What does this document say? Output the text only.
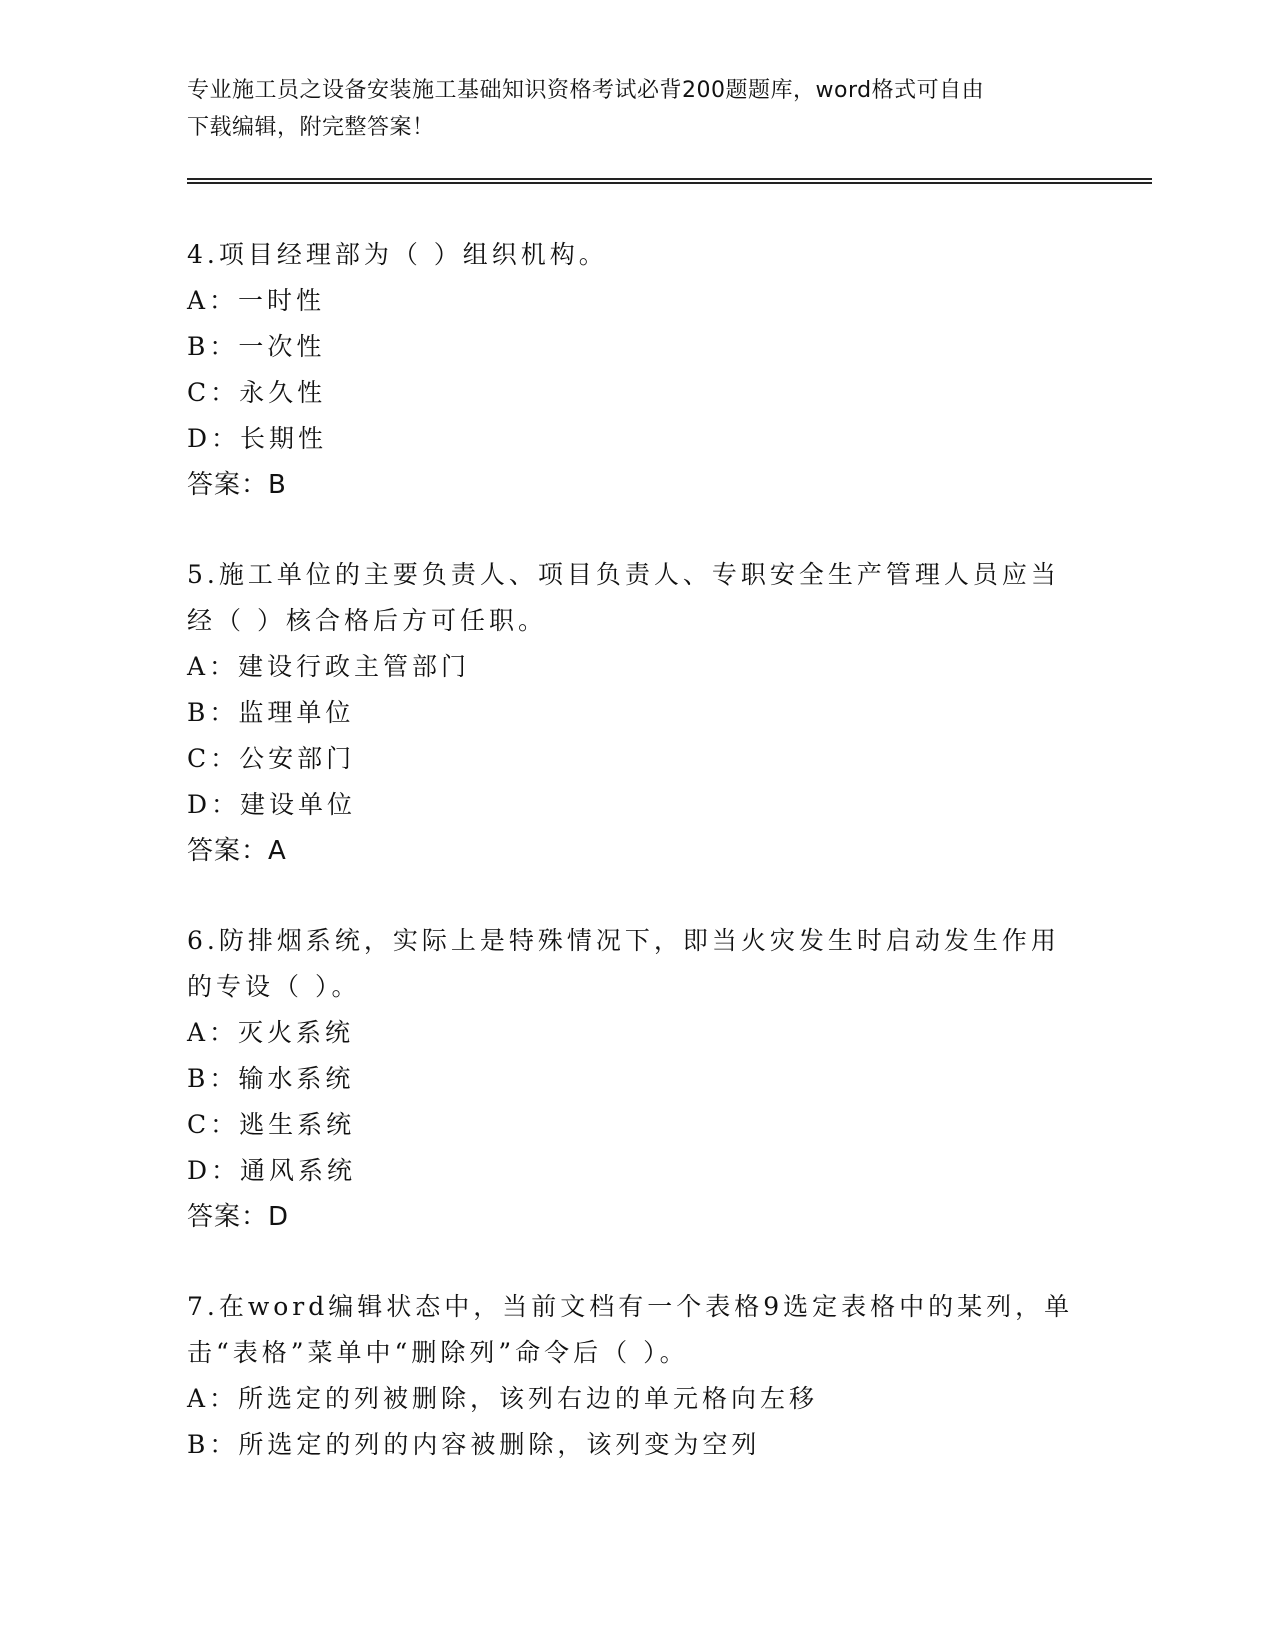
专业施工员之设备安装施工基础知识资格考试必背200题题库，word格式可自由
下载编辑，附完整答案！

4.项目经理部为（ ）组织机构。

A：一时性

B：一次性

C：永久性

D：长期性

答案：B

5.施工单位的主要负责人、项目负责人、专职安全生产管理人员应当

经（ ）核合格后方可任职。

A：建设行政主管部门

B：监理单位

C：公安部门

D：建设单位

答案：A

6.防排烟系统，实际上是特殊情况下，即当火灾发生时启动发生作用

的专设（ ）。

A：灭火系统

B：输水系统

C：逃生系统

D：通风系统

答案：D

7.在word编辑状态中，当前文档有一个表格9选定表格中的某列，单

击“表格”菜单中“删除列”命令后（ ）。

A：所选定的列被删除，该列右边的单元格向左移

B：所选定的列的内容被删除，该列变为空列
